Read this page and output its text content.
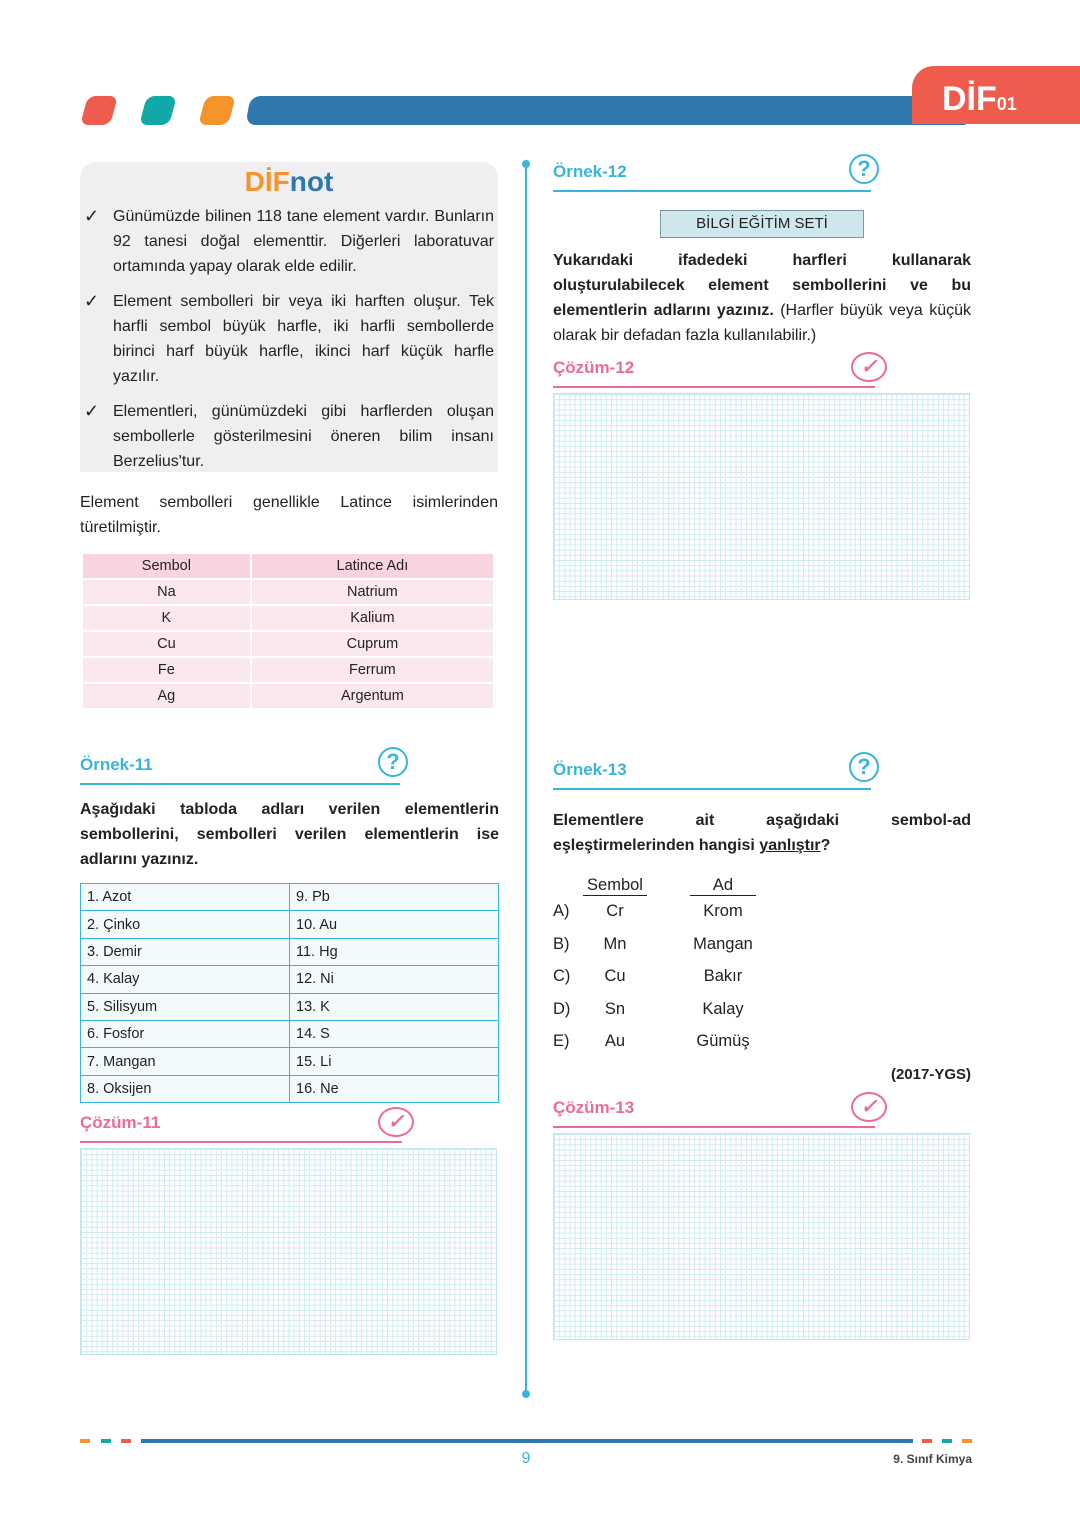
DİF01
DİFnot
✓ Günümüzde bilinen 118 tane element vardır. Bunların 92 tanesi doğal elementtir. Diğerleri laboratuvar ortamında yapay olarak elde edilir.
✓ Element sembolleri bir veya iki harften oluşur. Tek harfli sembol büyük harfle, iki harfli sembollerde birinci harf büyük harfle, ikinci harf küçük harfle yazılır.
✓ Elementleri, günümüzdeki gibi harflerden oluşan sembollerle gösterilmesini öneren bilim insanı Berzelius'tur.
Element sembolleri genellikle Latince isimlerinden türetilmiştir.
Sembol	Latince Adı
Na	Natrium
K	Kalium
Cu	Cuprum
Fe	Ferrum
Ag	Argentum
Örnek-11	?
Aşağıdaki tabloda adları verilen elementlerin sembollerini, sembolleri verilen elementlerin ise adlarını yazınız.
1. Azot	9. Pb
2. Çinko	10. Au
3. Demir	11. Hg
4. Kalay	12. Ni
5. Silisyum	13. K
6. Fosfor	14. S
7. Mangan	15. Li
8. Oksijen	16. Ne
Çözüm-11	✓
Örnek-12	?
BİLGİ EĞİTİM SETİ
Yukarıdaki ifadedeki harfleri kullanarak oluşturulabilecek element sembollerini ve bu elementlerin adlarını yazınız. (Harfler büyük veya küçük olarak bir defadan fazla kullanılabilir.)
Çözüm-12	✓
Örnek-13	?
Elementlere ait aşağıdaki sembol-ad eşleştirmelerinden hangisi yanlıştır?
Sembol	Ad
A)	Cr	Krom
B)	Mn	Mangan
C)	Cu	Bakır
D)	Sn	Kalay
E)	Au	Gümüş
(2017-YGS)
Çözüm-13	✓
9	9. Sınıf Kimya
